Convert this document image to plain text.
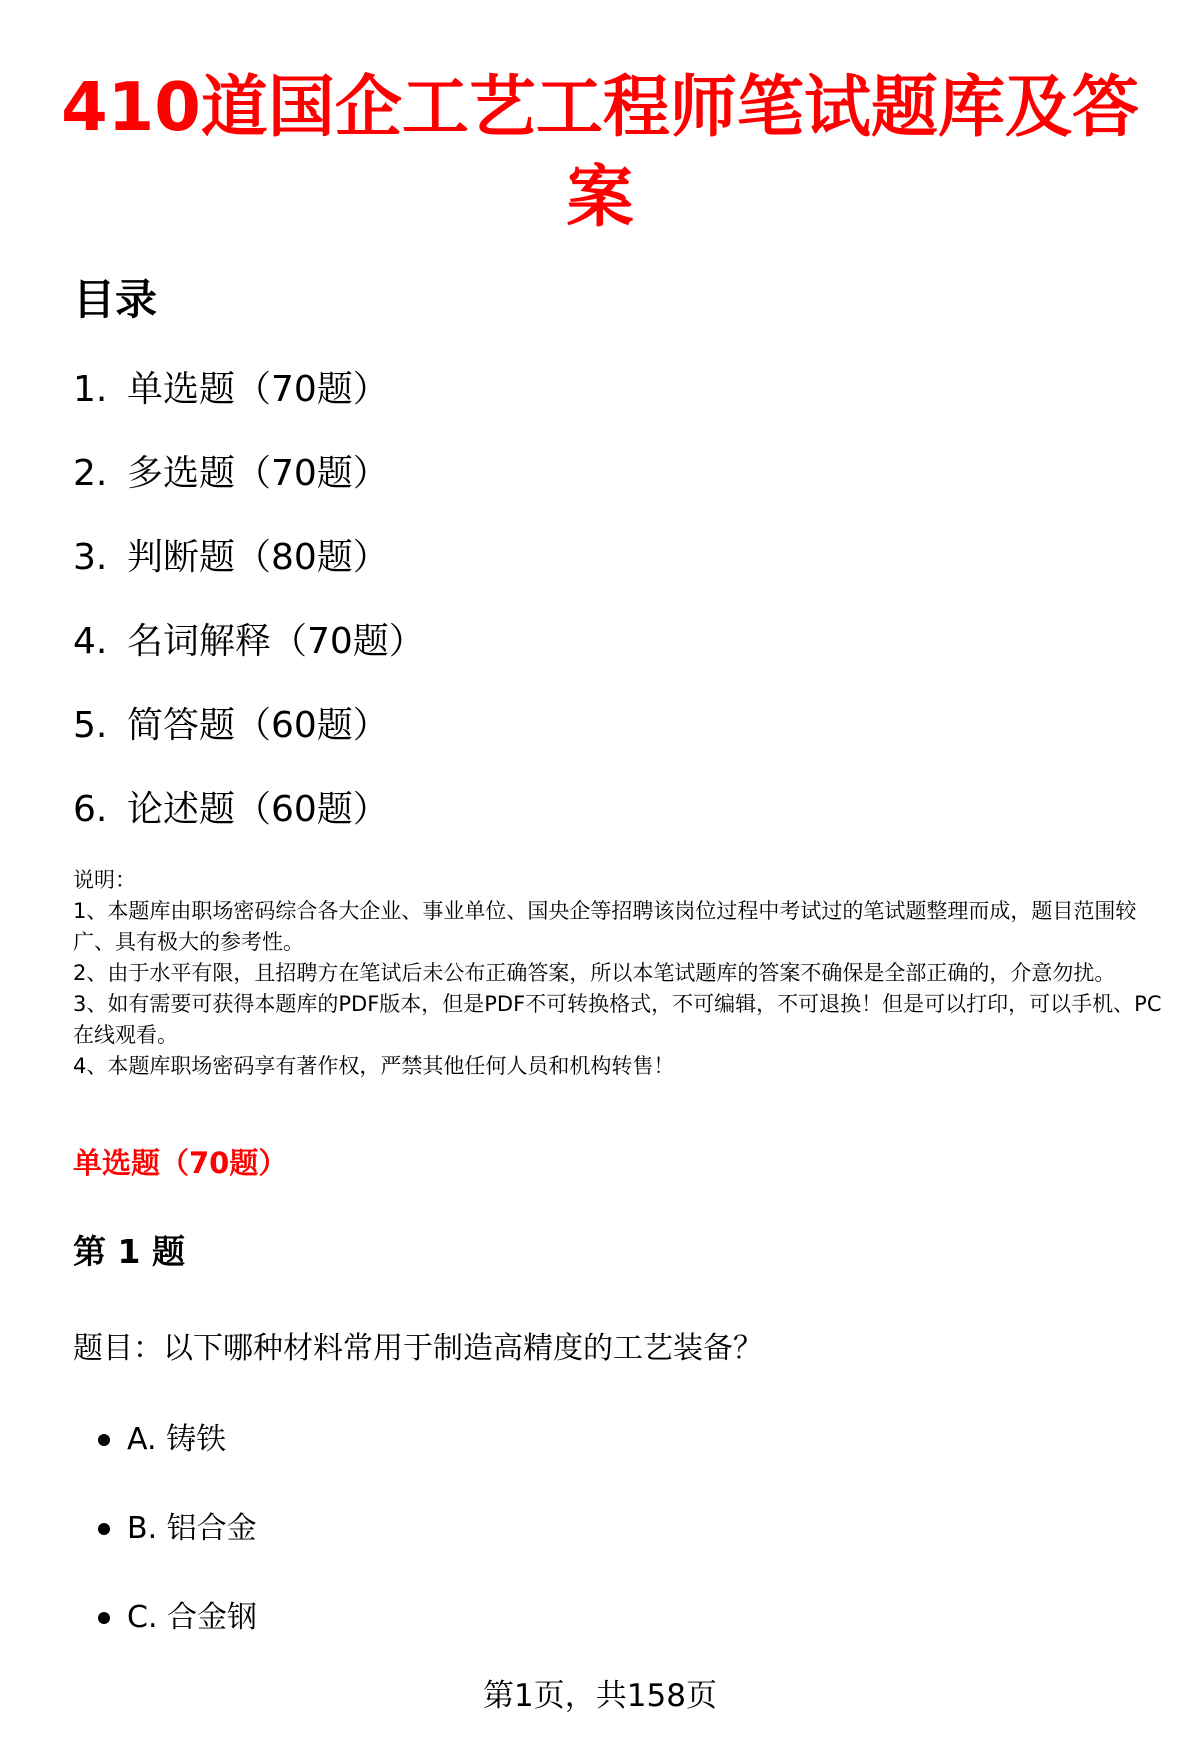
410道国企工艺工程师笔试题库及答案
目录
1. 单选题（70题）
2. 多选题（70题）
3. 判断题（80题）
4. 名词解释（70题）
5. 简答题（60题）
6. 论述题（60题）

说明：

1、本题库由职场密码综合各大企业、事业单位、国央企等招聘该岗位过程中考试过的笔试题整理而成，题目范围较广、具有极大的参考性。

2、由于水平有限，且招聘方在笔试后未公布正确答案，所以本笔试题库的答案不确保是全部正确的，介意勿扰。

3、如有需要可获得本题库的PDF版本，但是PDF不可转换格式，不可编辑，不可退换！但是可以打印，可以手机、PC在线观看。

4、本题库职场密码享有著作权，严禁其他任何人员和机构转售！

单选题（70题）
第 1 题

题目：以下哪种材料常用于制造高精度的工艺装备？

A. 铸铁
B. 铝合金
C. 合金钢
第1页，共158页
